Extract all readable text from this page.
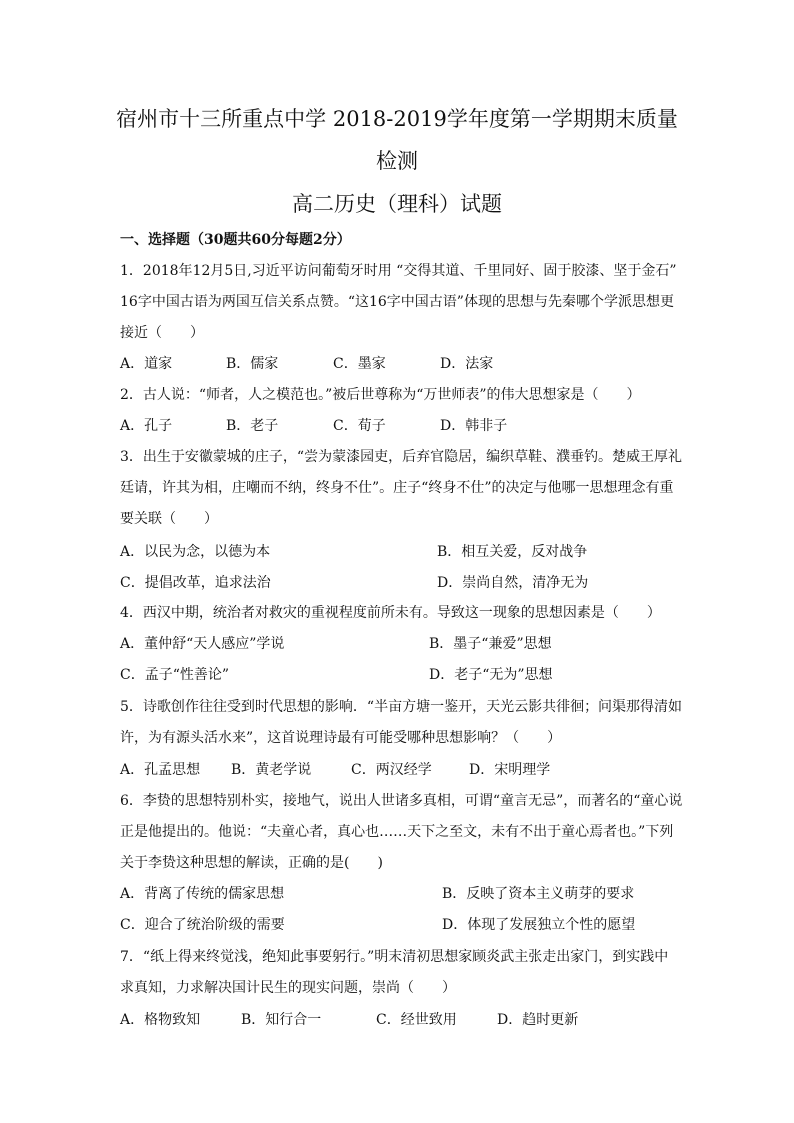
宿州市十三所重点中学 2018-2019学年度第一学期期末质量
检测
高二历史（理科）试题
一、选择题（30题共60分每题2分）
1．2018年12月5日,习近平访问葡萄牙时用 “交得其道、千里同好、固于胶漆、坚于金石”
16字中国古语为两国互信关系点赞。“这16字中国古语”体现的思想与先秦哪个学派思想更
接近（　　）
A．道家	B．儒家	C．墨家	D．法家
2．古人说：“师者，人之模范也。”被后世尊称为“万世师表”的伟大思想家是（　　）
A．孔子	B．老子	C．荀子	D．韩非子
3．出生于安徽蒙城的庄子，“尝为蒙漆园吏，后弃官隐居，编织草鞋、濮垂钓。楚威王厚礼
廷请，许其为相，庄嘲而不纳，终身不仕”。庄子“终身不仕”的决定与他哪一思想理念有重
要关联（　　）
A．以民为念，以德为本	B．相互关爱，反对战争
C．提倡改革，追求法治	D．崇尚自然，清净无为
4．西汉中期，统治者对救灾的重视程度前所未有。导致这一现象的思想因素是（　　）
A．董仲舒“天人感应”学说	B．墨子“兼爱”思想
C．孟子“性善论”	D．老子“无为”思想
5．诗歌创作往往受到时代思想的影响．“半亩方塘一鉴开，天光云影共徘徊；问渠那得清如
许，为有源头活水来”，这首说理诗最有可能受哪种思想影响？（　　）
A．孔孟思想 B．黄老学说	C．两汉经学	D．宋明理学
6．李贽的思想特别朴实，接地气，说出人世诸多真相，可谓“童言无忌”，而著名的“童心说
正是他提出的。他说：“夫童心者，真心也……天下之至文，未有不出于童心焉者也。”下列
关于李贽这种思想的解读，正确的是(　　)
A．背离了传统的儒家思想	B．反映了资本主义萌芽的要求
C．迎合了统治阶级的需要	D．体现了发展独立个性的愿望
7．“纸上得来终觉浅，绝知此事要躬行。”明末清初思想家顾炎武主张走出家门，到实践中
求真知，力求解决国计民生的现实问题，崇尚（　　）
A．格物致知	B．知行合一	C．经世致用	D．趋时更新
